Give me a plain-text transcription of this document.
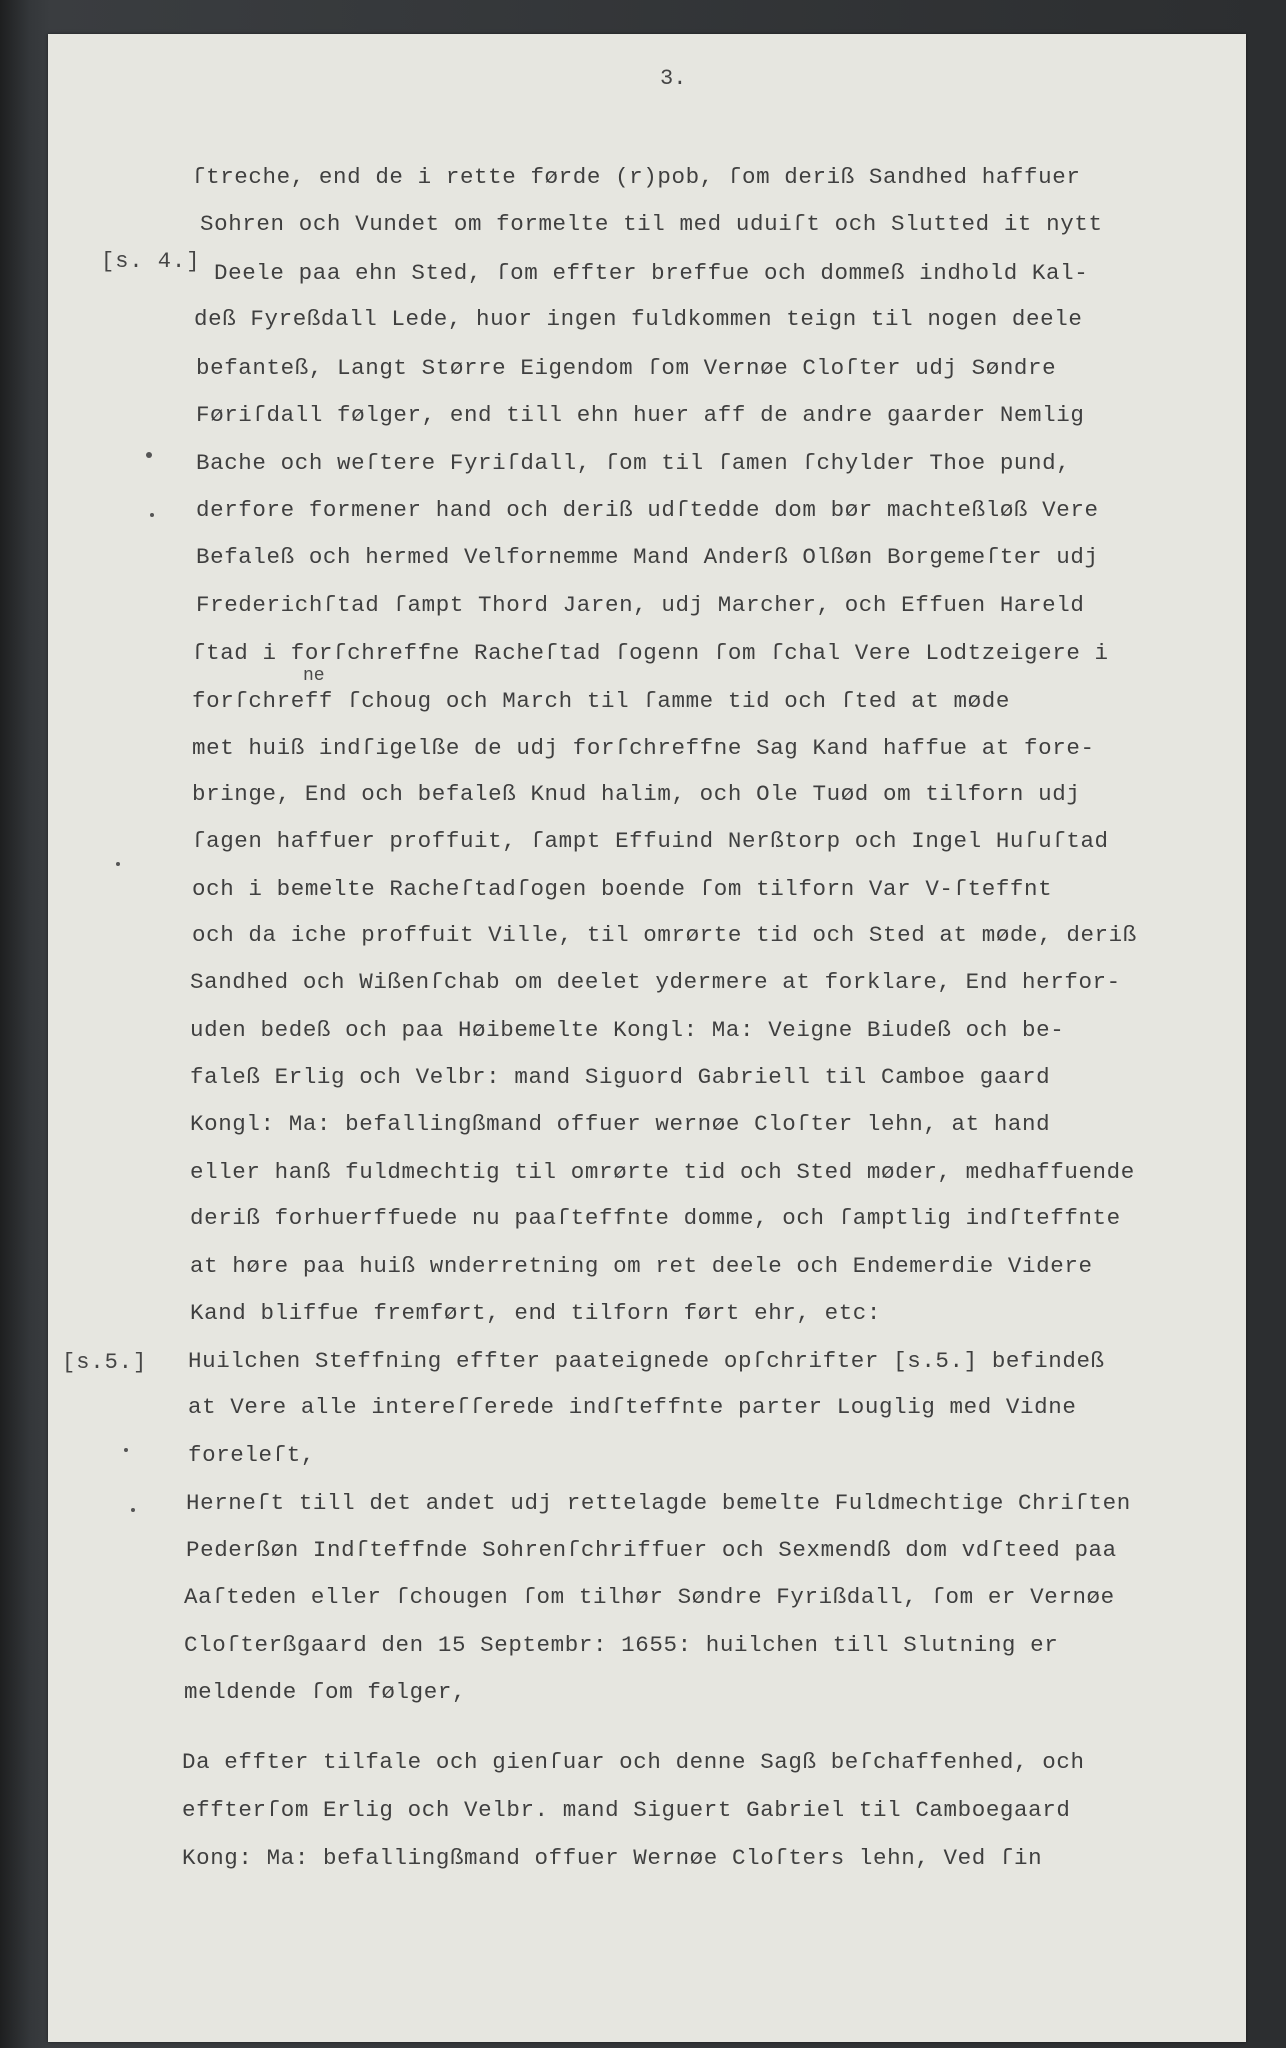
3.
[s. 4.]
[s.5.]
ne
ſtreche, end de i rette førde (r)pob, ſom deriß Sandhed haffuer
Sohren och Vundet om formelte til med uduiſt och Slutted it nytt
Deele paa ehn Sted, ſom effter breffue och dommeß indhold Kal-
deß Fyreßdall Lede, huor ingen fuldkommen teign til nogen deele
befanteß, Langt Større Eigendom ſom Vernøe Cloſter udj Søndre
Føriſdall følger, end till ehn huer aff de andre gaarder Nemlig
Bache och weſtere Fyriſdall, ſom til ſamen ſchylder Thoe pund,
derfore formener hand och deriß udſtedde dom bør machteßløß Vere
Befaleß och hermed Velfornemme Mand Anderß Olßøn Borgemeſter udj
Frederichſtad ſampt Thord Jaren, udj Marcher, och Effuen Hareld
ſtad i forſchreffne Racheſtad ſogenn ſom ſchal Vere Lodtzeigere i
forſchreff ſchoug och March til ſamme tid och ſted at møde
met huiß indſigelße de udj forſchreffne Sag Kand haffue at fore-
bringe, End och befaleß Knud halim, och Ole Tuød om tilforn udj
ſagen haffuer proffuit, ſampt Effuind Nerßtorp och Ingel Huſuſtad
och i bemelte Racheſtadſogen boende ſom tilforn Var V-ſteffnt
och da iche proffuit Ville, til omrørte tid och Sted at møde, deriß
Sandhed och Wißenſchab om deelet ydermere at forklare, End herfor-
uden bedeß och paa Høibemelte Kongl: Ma: Veigne Biudeß och be-
faleß Erlig och Velbr: mand Siguord Gabriell til Camboe gaard
Kongl: Ma: befallingßmand offuer wernøe Cloſter lehn, at hand
eller hanß fuldmechtig til omrørte tid och Sted møder, medhaffuende
deriß forhuerffuede nu paaſteffnte domme, och ſamptlig indſteffnte
at høre paa huiß wnderretning om ret deele och Endemerdie Videre
Kand bliffue fremført, end tilforn ført ehr, etc:
Huilchen Steffning effter paateignede opſchrifter [s.5.] befindeß
at Vere alle intereſſerede indſteffnte parter Louglig med Vidne
foreleſt,
Herneſt till det andet udj rettelagde bemelte Fuldmechtige Chriſten
Pederßøn Indſteffnde Sohrenſchriffuer och Sexmendß dom vdſteed paa
Aaſteden eller ſchougen ſom tilhør Søndre Fyrißdall, ſom er Vernøe
Cloſterßgaard den 15 Septembr: 1655: huilchen till Slutning er
meldende ſom følger,
Da effter tilfale och gienſuar och denne Sagß beſchaffenhed, och
effterſom Erlig och Velbr. mand Siguert Gabriel til Camboegaard
Kong: Ma: befallingßmand offuer Wernøe Cloſters lehn, Ved ſin
